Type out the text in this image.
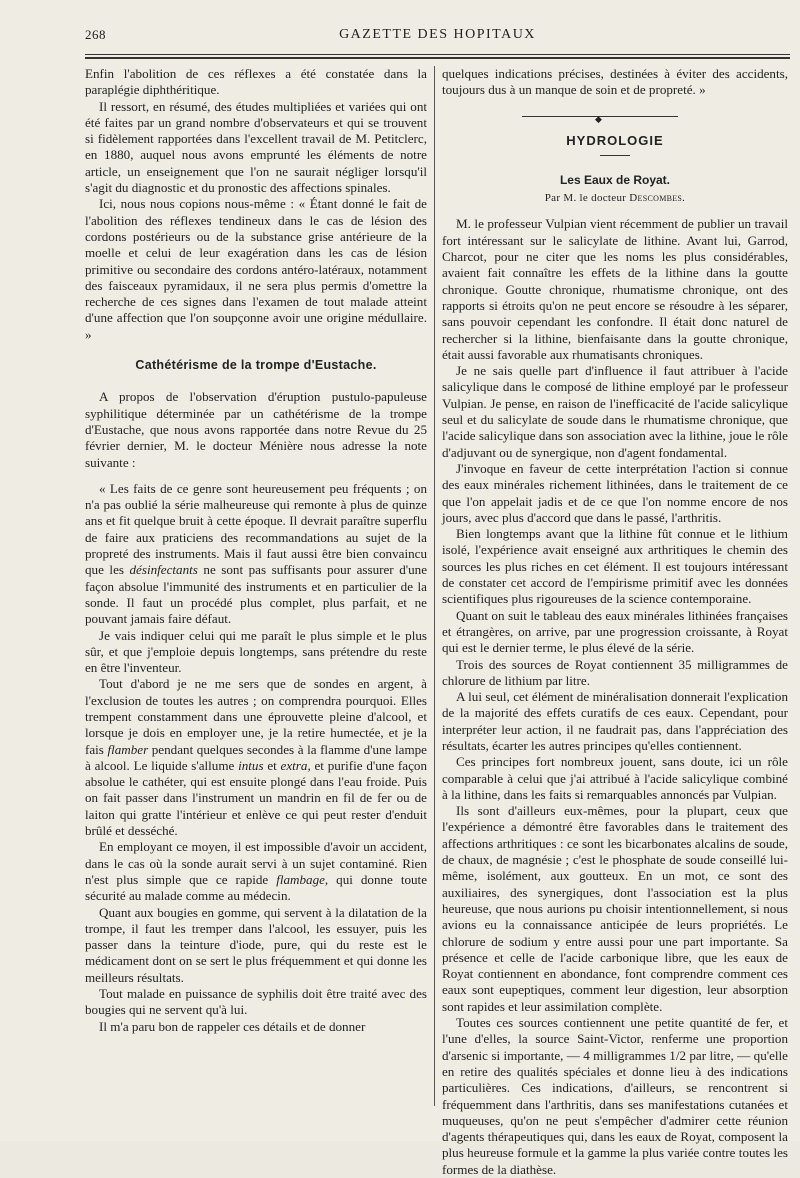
268	GAZETTE DES HOPITAUX

Enfin l'abolition de ces réflexes a été constatée dans la paraplégie diphthéritique.

Il ressort, en résumé, des études multipliées et variées qui ont été faites par un grand nombre d'observateurs et qui se trouvent si fidèlement rapportées dans l'excellent travail de M. Petitclerc, en 1880, auquel nous avons emprunté les éléments de notre article, un enseignement que l'on ne saurait négliger lorsqu'il s'agit du diagnostic et du pronostic des affections spinales.

Ici, nous nous copions nous-même : « Étant donné le fait de l'abolition des réflexes tendineux dans le cas de lésion des cordons postérieurs ou de la substance grise antérieure de la moelle et celui de leur exagération dans les cas de lésion primitive ou secondaire des cordons antéro-latéraux, notamment des faisceaux pyramidaux, il ne sera plus permis d'omettre la recherche de ces signes dans l'examen de tout malade atteint d'une affection que l'on soupçonne avoir une origine médullaire. »

Cathétérisme de la trompe d'Eustache.

A propos de l'observation d'éruption pustulo-papuleuse syphilitique déterminée par un cathétérisme de la trompe d'Eustache, que nous avons rapportée dans notre Revue du 25 février dernier, M. le docteur Ménière nous adresse la note suivante :

« Les faits de ce genre sont heureusement peu fréquents ; on n'a pas oublié la série malheureuse qui remonte à plus de quinze ans et fit quelque bruit à cette époque. Il devrait paraître superflu de faire aux praticiens des recommandations au sujet de la propreté des instruments. Mais il faut aussi être bien convaincu que les désinfectants ne sont pas suffisants pour assurer d'une façon absolue l'immunité des instruments et en particulier de la sonde. Il faut un procédé plus complet, plus parfait, et ne pouvant jamais faire défaut.

Je vais indiquer celui qui me paraît le plus simple et le plus sûr, et que j'emploie depuis longtemps, sans prétendre du reste en être l'inventeur.

Tout d'abord je ne me sers que de sondes en argent, à l'exclusion de toutes les autres ; on comprendra pourquoi. Elles trempent constamment dans une éprouvette pleine d'alcool, et lorsque je dois en employer une, je la retire humectée, et je la fais flamber pendant quelques secondes à la flamme d'une lampe à alcool. Le liquide s'allume intus et extra, et purifie d'une façon absolue le cathéter, qui est ensuite plongé dans l'eau froide. Puis on fait passer dans l'instrument un mandrin en fil de fer ou de laiton qui gratte l'intérieur et enlève ce qui peut rester d'enduit brûlé et desséché.

En employant ce moyen, il est impossible d'avoir un accident, dans le cas où la sonde aurait servi à un sujet contaminé. Rien n'est plus simple que ce rapide flambage, qui donne toute sécurité au malade comme au médecin.

Quant aux bougies en gomme, qui servent à la dilatation de la trompe, il faut les tremper dans l'alcool, les essuyer, puis les passer dans la teinture d'iode, pure, qui du reste est le médicament dont on se sert le plus fréquemment et qui donne les meilleurs résultats.

Tout malade en puissance de syphilis doit être traité avec des bougies qui ne servent qu'à lui.

Il m'a paru bon de rappeler ces détails et de donner

quelques indications précises, destinées à éviter des accidents, toujours dus à un manque de soin et de propreté. »

◆
HYDROLOGIE
Les Eaux de Royat.
Par M. le docteur Descombes.

M. le professeur Vulpian vient récemment de publier un travail fort intéressant sur le salicylate de lithine. Avant lui, Garrod, Charcot, pour ne citer que les noms les plus considérables, avaient fait connaître les effets de la lithine dans la goutte chronique. Goutte chronique, rhumatisme chronique, ont des rapports si étroits qu'on ne peut encore se résoudre à les séparer, sans pouvoir cependant les confondre. Il était donc naturel de rechercher si la lithine, bienfaisante dans la goutte chronique, était aussi favorable aux rhumatisants chroniques.

Je ne sais quelle part d'influence il faut attribuer à l'acide salicylique dans le composé de lithine employé par le professeur Vulpian. Je pense, en raison de l'inefficacité de l'acide salicylique seul et du salicylate de soude dans le rhumatisme chronique, que l'acide salicylique dans son association avec la lithine, joue le rôle d'adjuvant ou de synergique, non d'agent fondamental.

J'invoque en faveur de cette interprétation l'action si connue des eaux minérales richement lithinées, dans le traitement de ce que l'on appelait jadis et de ce que l'on nomme encore de nos jours, avec plus d'accord que dans le passé, l'arthritis.

Bien longtemps avant que la lithine fût connue et le lithium isolé, l'expérience avait enseigné aux arthritiques le chemin des sources les plus riches en cet élément. Il est toujours intéressant de constater cet accord de l'empirisme primitif avec les données scientifiques plus rigoureuses de la science contemporaine.

Quant on suit le tableau des eaux minérales lithinées françaises et étrangères, on arrive, par une progression croissante, à Royat qui est le dernier terme, le plus élevé de la série.

Trois des sources de Royat contiennent 35 milligrammes de chlorure de lithium par litre.

A lui seul, cet élément de minéralisation donnerait l'explication de la majorité des effets curatifs de ces eaux. Cependant, pour interpréter leur action, il ne faudrait pas, dans l'appréciation des résultats, écarter les autres principes qu'elles contiennent.

Ces principes fort nombreux jouent, sans doute, ici un rôle comparable à celui que j'ai attribué à l'acide salicylique combiné à la lithine, dans les faits si remarquables annoncés par Vulpian.

Ils sont d'ailleurs eux-mêmes, pour la plupart, ceux que l'expérience a démontré être favorables dans le traitement des affections arthritiques : ce sont les bicarbonates alcalins de soude, de chaux, de magnésie ; c'est le phosphate de soude conseillé lui-même, isolément, aux goutteux. En un mot, ce sont des auxiliaires, des synergiques, dont l'association est la plus heureuse, que nous aurions pu choisir intentionnellement, si nous avions eu la connaissance anticipée de leurs propriétés. Le chlorure de sodium y entre aussi pour une part importante. Sa présence et celle de l'acide carbonique libre, que les eaux de Royat contiennent en abondance, font comprendre comment ces eaux sont eupeptiques, comment leur digestion, leur absorption sont rapides et leur assimilation complète.

Toutes ces sources contiennent une petite quantité de fer, et l'une d'elles, la source Saint-Victor, renferme une proportion d'arsenic si importante, — 4 milligrammes 1/2 par litre, — qu'elle en retire des qualités spéciales et donne lieu à des indications particulières. Ces indications, d'ailleurs, se rencontrent si fréquemment dans l'arthritis, dans ses manifestations cutanées et muqueuses, qu'on ne peut s'empêcher d'admirer cette réunion d'agents thérapeutiques qui, dans les eaux de Royat, composent la plus heureuse formule et la gamme la plus variée contre toutes les formes de la diathèse.
